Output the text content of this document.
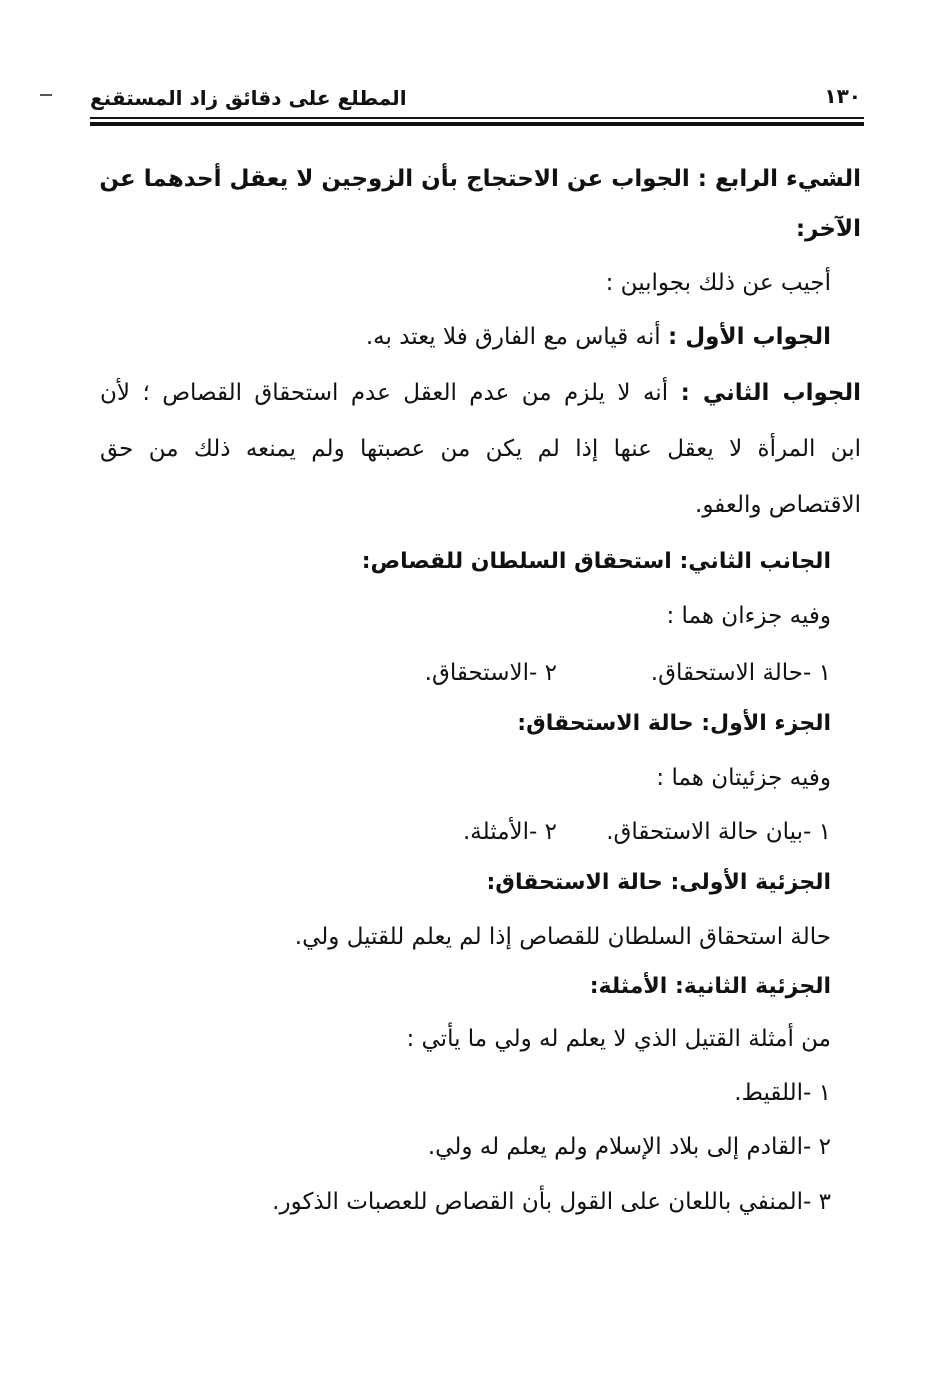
١٣٠
المطلع على دقائق زاد المستقنع
الشيء الرابع : الجواب عن الاحتجاج بأن الزوجين لا يعقل أحدهما عن
الآخر:
أجيب عن ذلك بجوابين :
الجواب الأول : أنه قياس مع الفارق فلا يعتد به.
الجواب الثاني : أنه لا يلزم من عدم العقل عدم استحقاق القصاص ؛ لأن
ابن المرأة لا يعقل عنها إذا لم يكن من عصبتها ولم يمنعه ذلك من حق
الاقتصاص والعفو.
الجانب الثاني: استحقاق السلطان للقصاص:
وفيه جزءان هما :
١ -حالة الاستحقاق.
٢ -الاستحقاق.
الجزء الأول: حالة الاستحقاق:
وفيه جزئيتان هما :
١ -بيان حالة الاستحقاق.
٢ -الأمثلة.
الجزئية الأولى: حالة الاستحقاق:
حالة استحقاق السلطان للقصاص إذا لم يعلم للقتيل ولي.
الجزئية الثانية: الأمثلة:
من أمثلة القتيل الذي لا يعلم له ولي ما يأتي :
١ -اللقيط.
٢ -القادم إلى بلاد الإسلام ولم يعلم له ولي.
٣ -المنفي باللعان على القول بأن القصاص للعصبات الذكور.
